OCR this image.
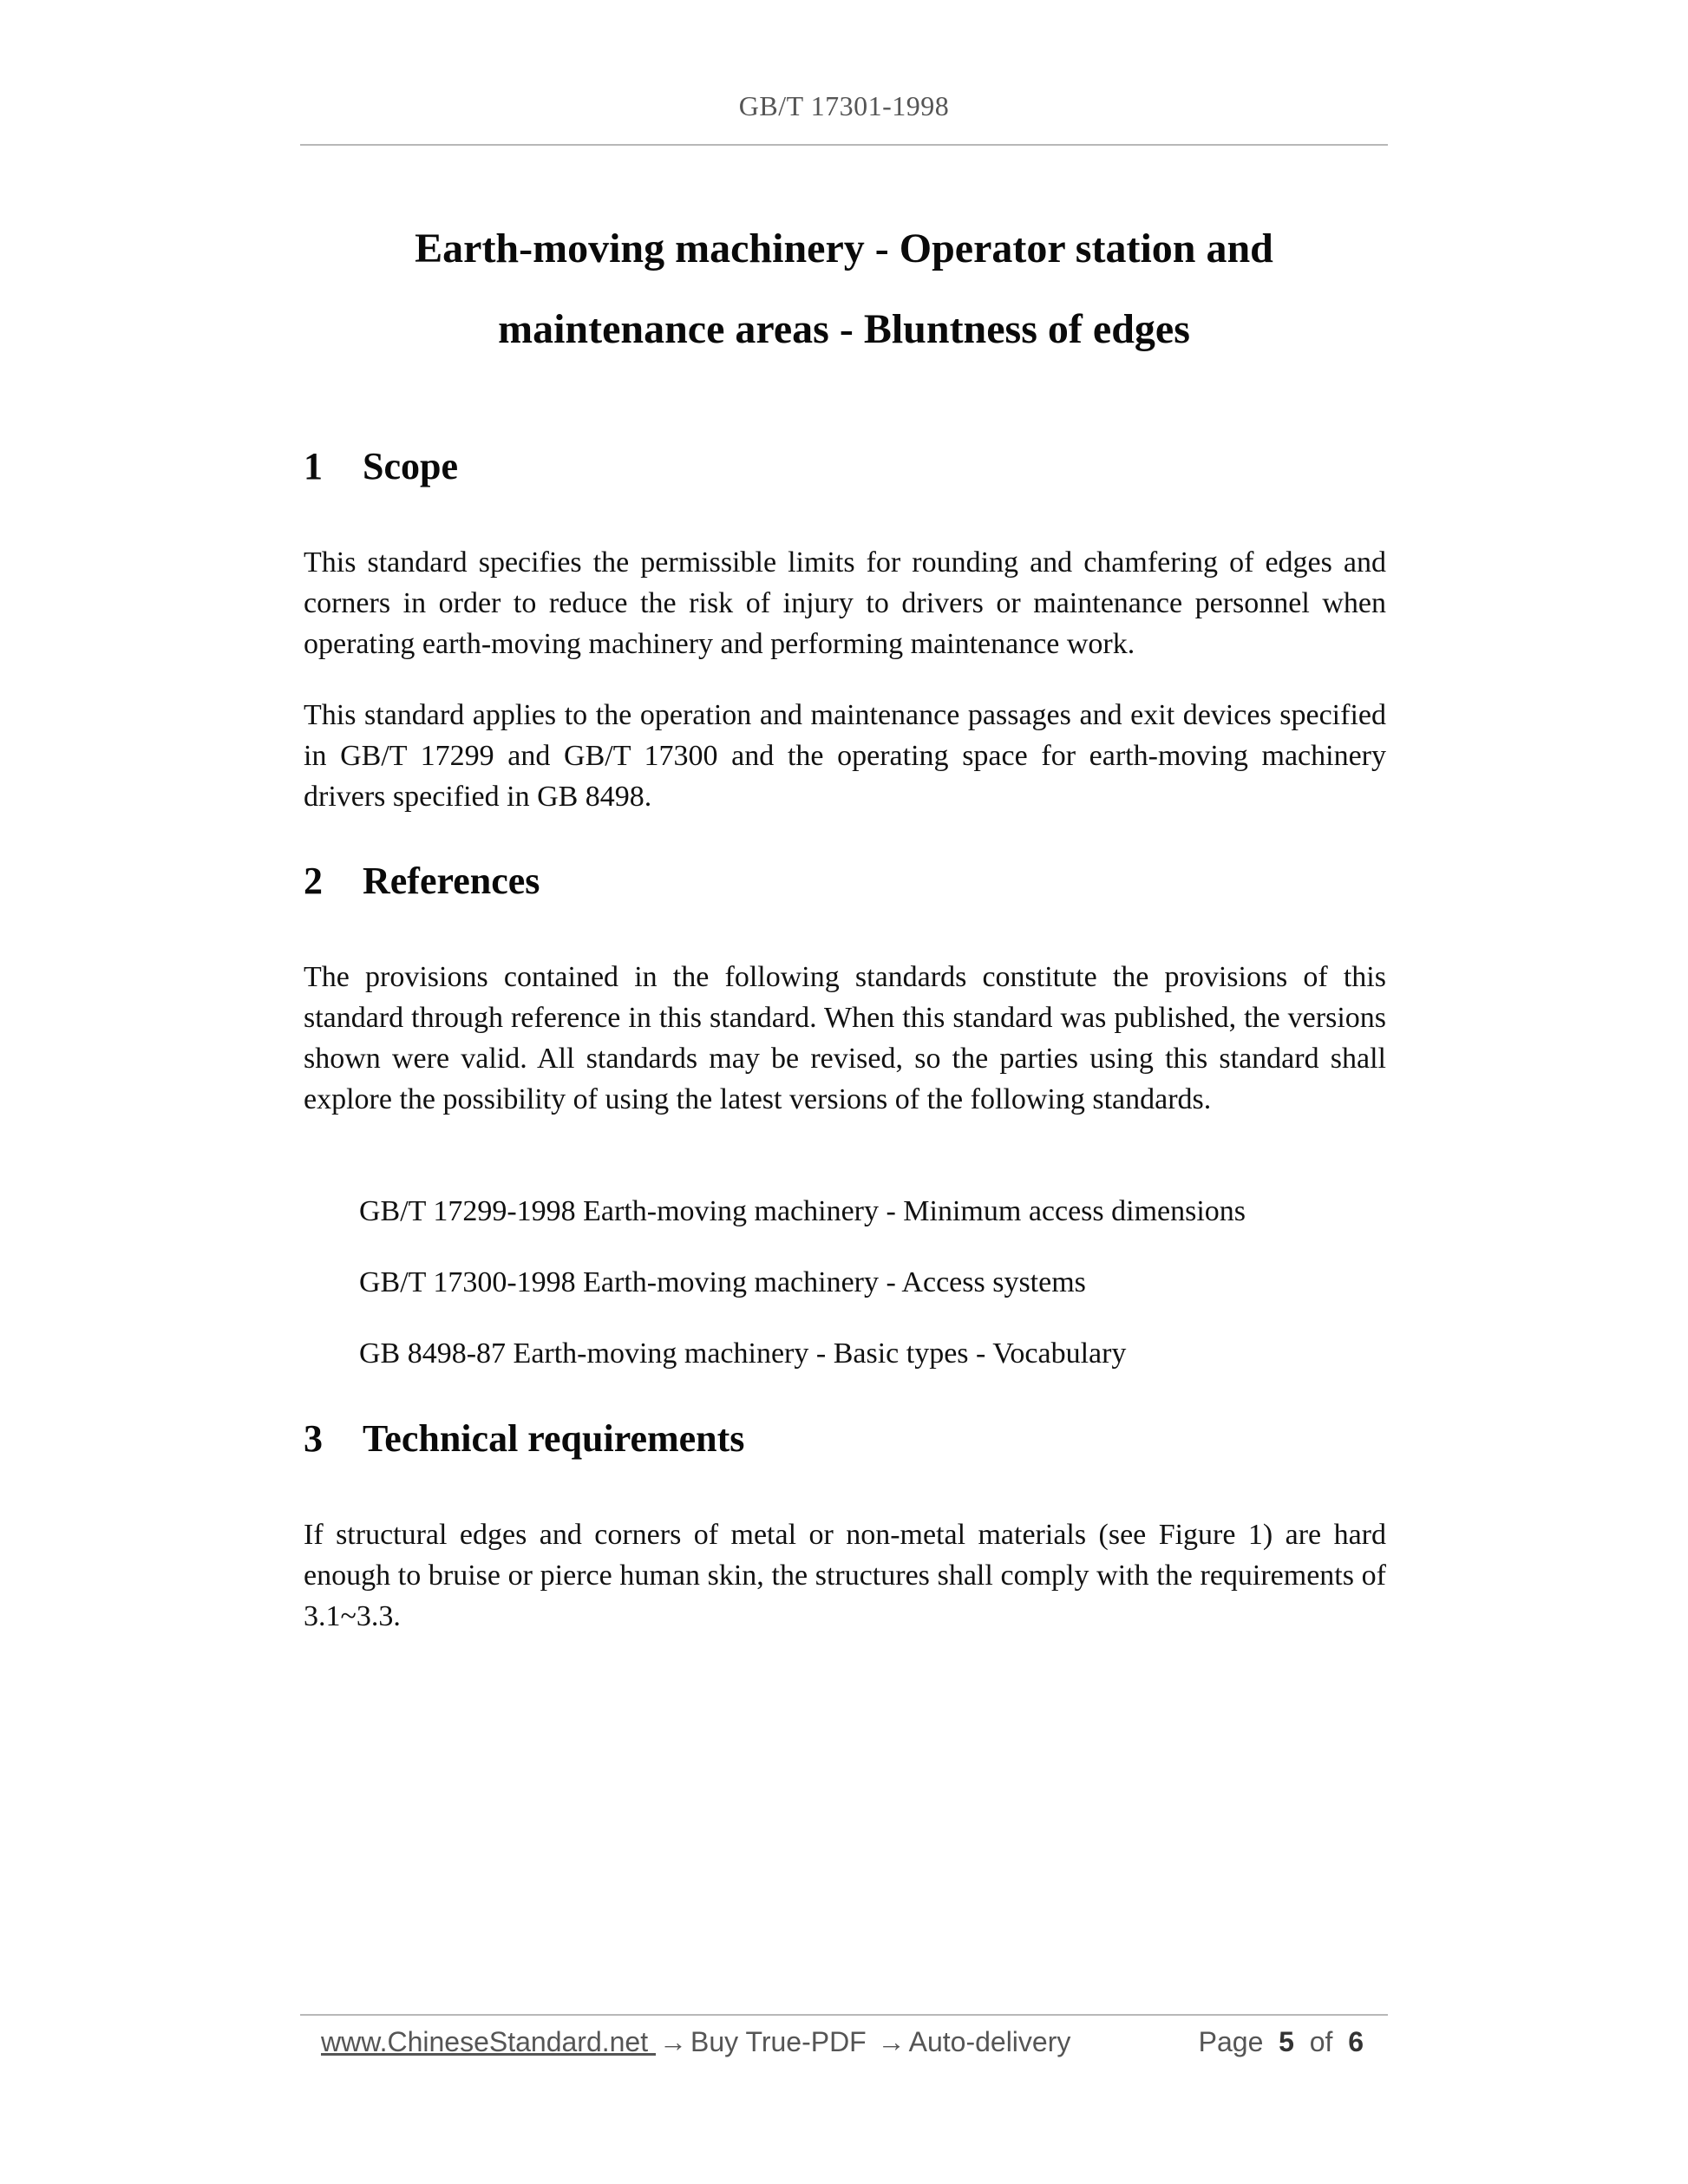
GB/T 17301-1998
Earth-moving machinery - Operator station and
maintenance areas - Bluntness of edges
1 Scope
This standard specifies the permissible limits for rounding and chamfering of edges and corners in order to reduce the risk of injury to drivers or maintenance personnel when operating earth-moving machinery and performing maintenance work.
This standard applies to the operation and maintenance passages and exit devices specified in GB/T 17299 and GB/T 17300 and the operating space for earth-moving machinery drivers specified in GB 8498.
2 References
The provisions contained in the following standards constitute the provisions of this standard through reference in this standard. When this standard was published, the versions shown were valid. All standards may be revised, so the parties using this standard shall explore the possibility of using the latest versions of the following standards.
GB/T 17299-1998 Earth-moving machinery - Minimum access dimensions
GB/T 17300-1998 Earth-moving machinery - Access systems
GB 8498-87 Earth-moving machinery - Basic types - Vocabulary
3 Technical requirements
If structural edges and corners of metal or non-metal materials (see Figure 1) are hard enough to bruise or pierce human skin, the structures shall comply with the requirements of 3.1~3.3.
www.ChineseStandard.net → Buy True-PDF → Auto-delivery	Page 5 of 6
